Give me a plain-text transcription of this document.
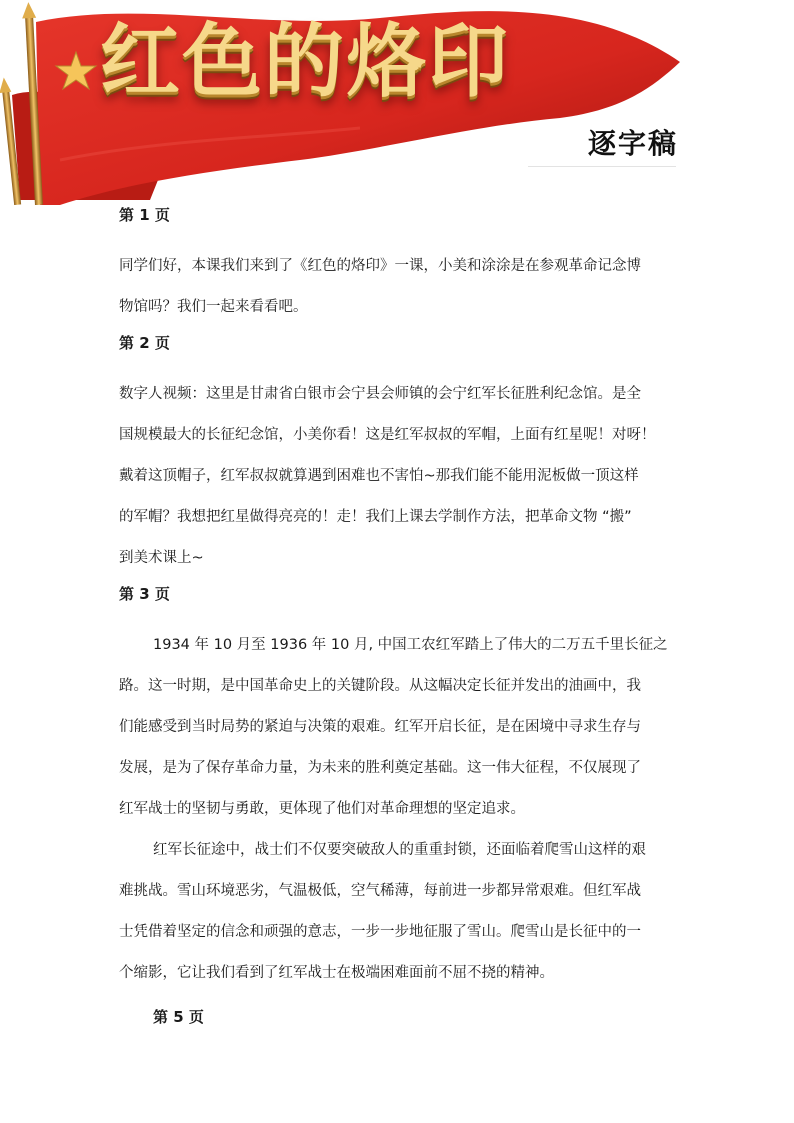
红色的烙印
逐字稿
第 1 页

同学们好，本课我们来到了《红色的烙印》一课，小美和涂涂是在参观革命记念博
物馆吗？我们一起来看看吧。

第 2 页

数字人视频：这里是甘肃省白银市会宁县会师镇的会宁红军长征胜利纪念馆。是全
国规模最大的长征纪念馆，小美你看！这是红军叔叔的军帽，上面有红星呢！对呀！
戴着这顶帽子，红军叔叔就算遇到困难也不害怕~那我们能不能用泥板做一顶这样
的军帽？我想把红星做得亮亮的！走！我们上课去学制作方法，把革命文物 “搬”
到美术课上~

第 3 页

1934 年 10 月至 1936 年 10 月, 中国工农红军踏上了伟大的二万五千里长征之
路。这一时期，是中国革命史上的关键阶段。从这幅决定长征并发出的油画中，我
们能感受到当时局势的紧迫与决策的艰难。红军开启长征，是在困境中寻求生存与
发展，是为了保存革命力量，为未来的胜利奠定基础。这一伟大征程，不仅展现了
红军战士的坚韧与勇敢，更体现了他们对革命理想的坚定追求。

红军长征途中，战士们不仅要突破敌人的重重封锁，还面临着爬雪山这样的艰
难挑战。雪山环境恶劣，气温极低，空气稀薄，每前进一步都异常艰难。但红军战
士凭借着坚定的信念和顽强的意志，一步一步地征服了雪山。爬雪山是长征中的一
个缩影，它让我们看到了红军战士在极端困难面前不屈不挠的精神。

第 5 页
